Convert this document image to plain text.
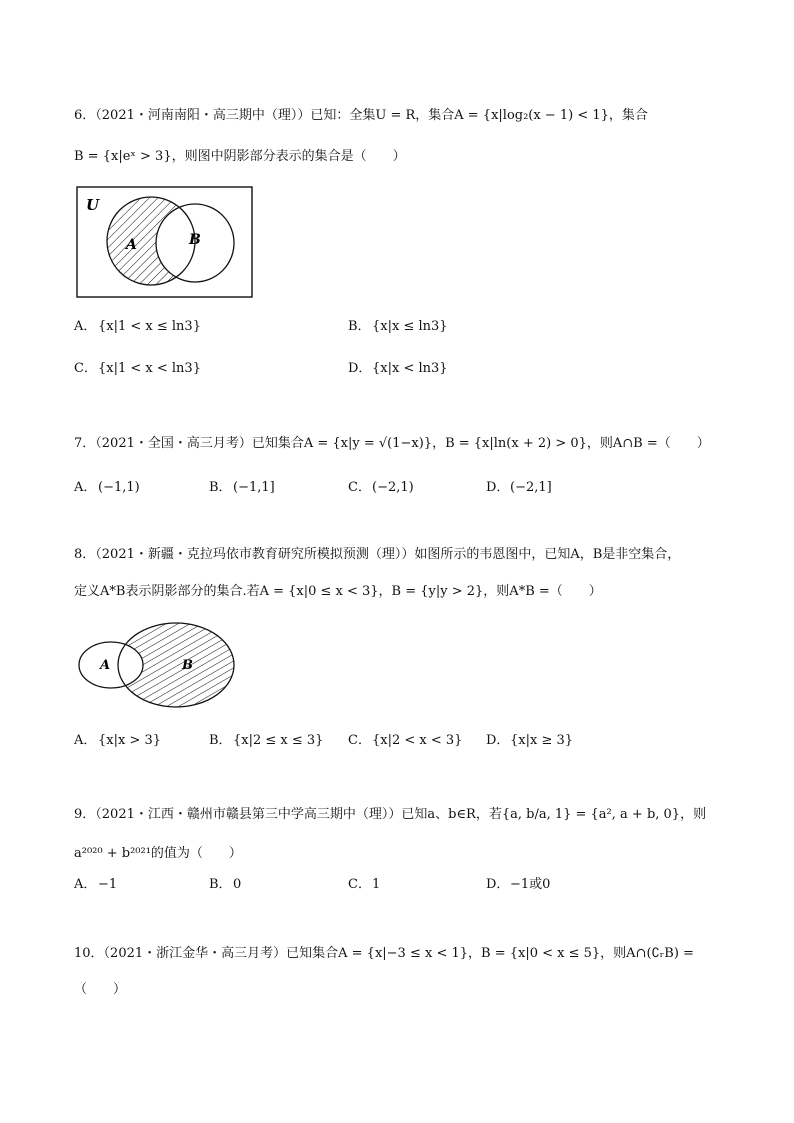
6．（2021・河南南阳・高三期中（理））已知：全集U = R，集合A = {x|log₂(x − 1) < 1}，集合
B = {x|eˣ > 3}，则图中阴影部分表示的集合是（　　）
U
A	B
A． {x|1 < x ≤ ln3}	B．{x|x ≤ ln3}
C．{x|1 < x < ln3}	D．{x|x < ln3}
7．（2021・全国・高三月考）已知集合A = {x|y = √(1−x)}，B = {x|ln(x + 2) > 0}，则A∩B =（　　）
A． (−1,1)	B．(−1,1]	C．(−2,1)	D．(−2,1]
8．（2021・新疆・克拉玛依市教育研究所模拟预测（理））如图所示的韦恩图中，已知A，B是非空集合，
定义A*B表示阴影部分的集合.若A = {x|0 ≤ x < 3}，B = {y|y > 2}，则A*B =（　　）
A	B
A． {x|x > 3}	B．{x|2 ≤ x ≤ 3} C．{x|2 < x < 3} D．{x|x ≥ 3}
9．（2021・江西・赣州市赣县第三中学高三期中（理））已知a、b∈R，若{a, b/a, 1} = {a², a + b, 0}，则
a²⁰²⁰ + b²⁰²¹的值为（　　）
A． −1	B．0	C．1	D．−1或0
10．（2021・浙江金华・高三月考）已知集合A = {x|−3 ≤ x < 1}，B = {x|0 < x ≤ 5}，则A∩(∁ᵣB) =
（　　）
